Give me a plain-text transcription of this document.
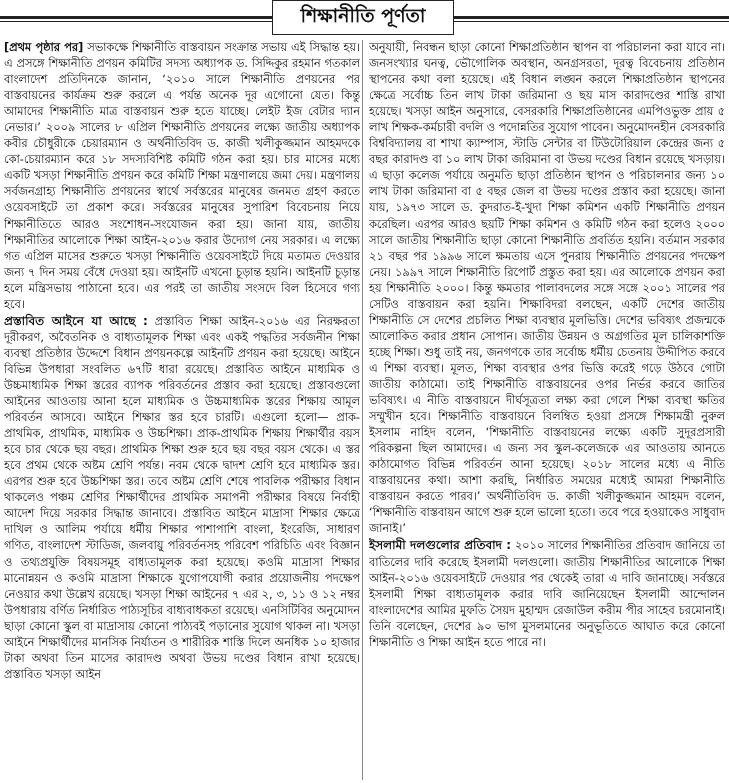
শিক্ষানীতি পূর্ণতা

[প্রথম পৃষ্ঠার পর] সভাকক্ষে শিক্ষানীতি বাস্তবায়ন সংক্রান্ত সভায় এই সিদ্ধান্ত হয়। এ প্রসঙ্গে শিক্ষানীতি প্রণয়ন কমিটির সদস্য অধ্যাপক ড. সিদ্দিকুর রহমান গতকাল বাংলাদেশ প্রতিদিনকে জানান, ‘২০১০ সালে শিক্ষানীতি প্রণয়নের পর বাস্তবায়নের কার্যক্রম শুরু করলে এ পর্যন্ত অনেক দূর এগোনো যেত। কিন্তু আমাদের শিক্ষানীতি মাত্র বাস্তবায়ন শুরু হতে যাচ্ছে। লেইট ইজ বেটার দ্যান নেভার।’ ২০০৯ সালের ৮ এপ্রিল শিক্ষানীতি প্রণয়নের লক্ষ্যে জাতীয় অধ্যাপক কবীর চৌধুরীকে চেয়ারম্যান ও অর্থনীতিবিদ ড. কাজী খলীকুজ্জমান আহমদকে কো-চেয়ারম্যান করে ১৮ সদস্যবিশিষ্ট কমিটি গঠন করা হয়। চার মাসের মধ্যে একটি খসড়া শিক্ষানীতি প্রণয়ন করে কমিটি শিক্ষা মন্ত্রণালয়ে জমা দেয়। মন্ত্রণালয় সর্বজনগ্রাহ্য শিক্ষানীতি প্রণয়নের স্বার্থে সর্বস্তরের মানুষের জনমত গ্রহণ করতে ওয়েবসাইটে তা প্রকাশ করে। সর্বস্তরের মানুষের সুপারিশ বিবেচনায় নিয়ে শিক্ষানীতিতে আরও সংশোধন-সংযোজন করা হয়। জানা যায়, জাতীয় শিক্ষানীতির আলোকে শিক্ষা আইন-২০১৬ করার উদ্যোগ নেয় সরকার। এ লক্ষ্যে গত এপ্রিল মাসের শুরুতে খসড়া শিক্ষানীতি ওয়েবসাইটে দিয়ে মতামত দেওয়ার জন্য ৭ দিন সময় বেঁধে দেওয়া হয়। আইনটি এখনো চূড়ান্ত হয়নি। আইনটি চূড়ান্ত হলে মন্ত্রিসভায় পাঠানো হবে। এর পরই তা জাতীয় সংসদে বিল হিসেবে গণ্য হবে।

প্রস্তাবিত আইনে যা আছে : প্রস্তাবিত শিক্ষা আইন-২০১৬ এর নিরক্ষরতা দূরীকরণ, অবৈতনিক ও বাধ্যতামূলক শিক্ষা এবং একই পদ্ধতির সর্বজনীন শিক্ষা ব্যবস্থা প্রতিষ্ঠার উদ্দেশে বিধান প্রণয়নকল্পে আইনটি প্রণয়ন করা হয়েছে। আইনে বিভিন্ন উপধারা সংবলিত ৬৭টি ধারা রয়েছে। প্রস্তাবিত আইনে মাধ্যমিক ও উচ্চমাধ্যমিক শিক্ষা স্তরের ব্যাপক পরিবর্তনের প্রস্তাব করা হয়েছে। প্রস্তাবগুলো আইনের আওতায় আনা হলে মাধ্যমিক ও উচ্চমাধ্যমিক স্তরের শিক্ষায় আমূল পরিবর্তন আসবে। আইনে শিক্ষার স্তর হবে চারটি। এগুলো হলো— প্রাক-প্রাথমিক, প্রাথমিক, মাধ্যমিক ও উচ্চশিক্ষা। প্রাক-প্রাথমিক শিক্ষায় শিক্ষার্থীর বয়স হবে চার থেকে ছয় বছর। প্রাথমিক শিক্ষা শুরু হবে ছয় বছর বয়স থেকে। এ স্তর হবে প্রথম থেকে অষ্টম শ্রেণি পর্যন্ত। নবম থেকে দ্বাদশ শ্রেণি হবে মাধ্যমিক স্তর। এরপর শুরু হবে উচ্চশিক্ষা স্তর। তবে অষ্টম শ্রেণি শেষে পাবলিক পরীক্ষার বিধান থাকলেও পঞ্চম শ্রেণির শিক্ষার্থীদের প্রাথমিক সমাপনী পরীক্ষার বিষয়ে নির্বাহী আদেশ দিয়ে সরকার সিদ্ধান্ত জানাবে। প্রস্তাবিত আইনে মাদ্রাসা শিক্ষার ক্ষেত্রে দাখিল ও আলিম পর্যায়ে ধর্মীয় শিক্ষার পাশাপাশি বাংলা, ইংরেজি, সাধারণ গণিত, বাংলাদেশ স্টাডিজ, জলবায়ু পরিবর্তনসহ পরিবেশ পরিচিতি এবং বিজ্ঞান ও তথ্যপ্রযুক্তি বিষয়সমূহ বাধ্যতামূলক করা হয়েছে। কওমি মাদ্রাসা শিক্ষার মানোন্নয়ন ও কওমি মাদ্রাসা শিক্ষাকে যুগোপযোগী করার প্রয়োজনীয় পদক্ষেপ নেওয়ার কথা উল্লেখ রয়েছে। খসড়া শিক্ষা আইনের ৭ এর ২, ৩, ১১ ও ১২ নম্বর উপধারায় বর্ণিত নির্ধারিত পাঠ্যসূচির বাধ্যবাধকতা রয়েছে। এনসিটিবির অনুমোদন ছাড়া কোনো স্কুল বা মাদ্রাসায় কোনো পাঠ্যবই পড়ানোর সুযোগ থাকল না। খসড়া আইনে শিক্ষার্থীদের মানসিক নির্যাতন ও শারীরিক শাস্তি দিলে অনধিক ১০ হাজার টাকা অথবা তিন মাসের কারাদণ্ড অথবা উভয় দণ্ডের বিধান রাখা হয়েছে। প্রস্তাবিত খসড়া আইন

অনুযায়ী, নিবন্ধন ছাড়া কোনো শিক্ষাপ্রতিষ্ঠান স্থাপন বা পরিচালনা করা যাবে না। জনসংখ্যার ঘনত্ব, ভৌগোলিক অবস্থান, অনগ্রসরতা, দূরত্ব বিবেচনায় প্রতিষ্ঠান স্থাপনের কথা বলা হয়েছে। এই বিধান লঙ্ঘন করলে শিক্ষাপ্রতিষ্ঠান স্থাপনের ক্ষেত্রে সর্বোচ্চ তিন লাখ টাকা জরিমানা ও ছয় মাস কারাদণ্ডের শাস্তি রাখা হয়েছে। খসড়া আইন অনুসারে, বেসরকারি শিক্ষাপ্রতিষ্ঠানের এমপিওভুক্ত প্রায় ৫ লাখ শিক্ষক-কর্মচারী বদলি ও পদোন্নতির সুযোগ পাবেন। অনুমোদনহীন বেসরকারি বিশ্ববিদ্যালয় বা শাখা ক্যাম্পাস, স্টাডি সেন্টার বা টিউটোরিয়াল কেন্দ্রের জন্য ৫ বছর কারাদণ্ড বা ১০ লাখ টাকা জরিমানা বা উভয় দণ্ডের বিধান রয়েছে খসড়ায়। এ ছাড়া কলেজ পর্যায়ে অনুমতি ছাড়া প্রতিষ্ঠান স্থাপন ও পরিচালনার জন্য ১০ লাখ টাকা জরিমানা বা ৫ বছর জেল বা উভয় দণ্ডের প্রস্তাব করা হয়েছে। জানা যায়, ১৯৭৩ সালে ড. কুদরাত-ই-খুদা শিক্ষা কমিশন একটি শিক্ষানীতি প্রণয়ন করেছিল। এরপর আরও ছয়টি শিক্ষা কমিশন ও কমিটি গঠন করা হলেও ২০০০ সালে জাতীয় শিক্ষানীতি ছাড়া কোনো শিক্ষানীতি প্রবর্তিত হয়নি। বর্তমান সরকার ২১ বছর পর ১৯৯৬ সালে ক্ষমতায় এসে পুনরায় শিক্ষানীতি প্রণয়নের পদক্ষেপ নেয়। ১৯৯৭ সালে শিক্ষানীতি রিপোর্ট প্রস্তুত করা হয়। এর আলোকে প্রণয়ন করা হয় শিক্ষানীতি ২০০০। কিন্তু ক্ষমতার পালাবদলের সঙ্গে সঙ্গে ২০০১ সালের পর সেটিও বাস্তবায়ন করা হয়নি। শিক্ষাবিদরা বলছেন, একটি দেশের জাতীয় শিক্ষানীতি সে দেশের প্রচলিত শিক্ষা ব্যবস্থার মূলভিত্তি। দেশের ভবিষ্যৎ প্রজন্মকে আলোকিত করার প্রধান সোপান। জাতীয় উন্নয়ন ও অগ্রগতির মূল চালিকাশক্তি হচ্ছে শিক্ষা। শুধু তাই নয়, জনগণকে তার সর্বোচ্চ ধর্মীয় চেতনায় উদ্দীপিত করবে এ শিক্ষা ব্যবস্থা। মূলত, শিক্ষা ব্যবস্থার ওপর ভিত্তি করেই গড়ে উঠবে গোটা জাতীয় কাঠামো। তাই শিক্ষানীতি বাস্তবায়নের ওপর নির্ভর করবে জাতির ভবিষ্যৎ। এ নীতি বাস্তবায়নে দীর্ঘসূত্রতা লক্ষ্য করা গেলে শিক্ষা ব্যবস্থা ক্ষতির সম্মুখীন হবে। শিক্ষানীতি বাস্তবায়নে বিলম্বিত হওয়া প্রসঙ্গে শিক্ষামন্ত্রী নুরুল ইসলাম নাহিদ বলেন, ‘শিক্ষানীতি বাস্তবায়নের লক্ষ্যে একটি সুদূরপ্রসারী পরিকল্পনা ছিল আমাদের। এ জন্য সব স্কুল-কলেজকে এর আওতায় আনতে কাঠামোগত বিভিন্ন পরিবর্তন আনা হয়েছে। ২০১৮ সালের মধ্যে এ নীতি বাস্তবায়নের কথা। আশা করছি, নির্ধারিত সময়ের মধ্যেই আমরা শিক্ষানীতি বাস্তবায়ন করতে পারব।’ অর্থনীতিবিদ ড. কাজী খলীকুজ্জমান আহমদ বলেন, ‘শিক্ষানীতি বাস্তবায়ন আগে শুরু হলে ভালো হতো। তবে পরে হওয়াকেও সাধুবাদ জানাই।’

ইসলামী দলগুলোর প্রতিবাদ : ২০১০ সালের শিক্ষানীতির প্রতিবাদ জানিয়ে তা বাতিলের দাবি করেছে ইসলামী দলগুলো। জাতীয় শিক্ষানীতির আলোকে শিক্ষা আইন-২০১৬ ওয়েবসাইটে দেওয়ার পর থেকেই তারা এ দাবি জানাচ্ছে। সর্বস্তরে ইসলামী শিক্ষা বাধ্যতামূলক করার দাবি জানিয়েছেন ইসলামী আন্দোলন বাংলাদেশের আমির মুফতি সৈয়দ মুহাম্মদ রেজাউল করীম পীর সাহেব চরমোনাই। তিনি বলেছেন, দেশের ৯০ ভাগ মুসলমানের অনুভূতিতে আঘাত করে কোনো শিক্ষানীতি ও শিক্ষা আইন হতে পারে না।
